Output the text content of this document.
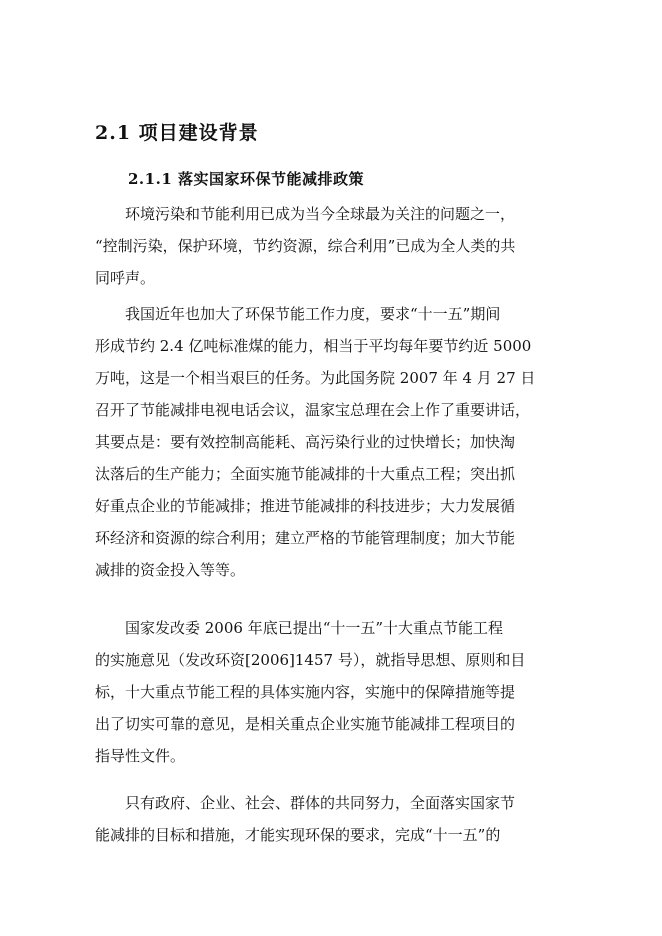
2.1 项目建设背景
2.1.1 落实国家环保节能减排政策
环境污染和节能利用已成为当今全球最为关注的问题之一，
“控制污染，保护环境，节约资源，综合利用”已成为全人类的共
同呼声。
我国近年也加大了环保节能工作力度，要求“十一五”期间
形成节约 2.4 亿吨标准煤的能力，相当于平均每年要节约近 5000
万吨，这是一个相当艰巨的任务。为此国务院 2007 年 4 月 27 日
召开了节能减排电视电话会议，温家宝总理在会上作了重要讲话，
其要点是：要有效控制高能耗、高污染行业的过快增长；加快淘
汰落后的生产能力；全面实施节能减排的十大重点工程；突出抓
好重点企业的节能减排；推进节能减排的科技进步；大力发展循
环经济和资源的综合利用；建立严格的节能管理制度；加大节能
减排的资金投入等等。
国家发改委 2006 年底已提出“十一五”十大重点节能工程
的实施意见（发改环资[2006]1457 号），就指导思想、原则和目
标，十大重点节能工程的具体实施内容，实施中的保障措施等提
出了切实可靠的意见，是相关重点企业实施节能减排工程项目的
指导性文件。
只有政府、企业、社会、群体的共同努力，全面落实国家节
能减排的目标和措施，才能实现环保的要求，完成“十一五”的
